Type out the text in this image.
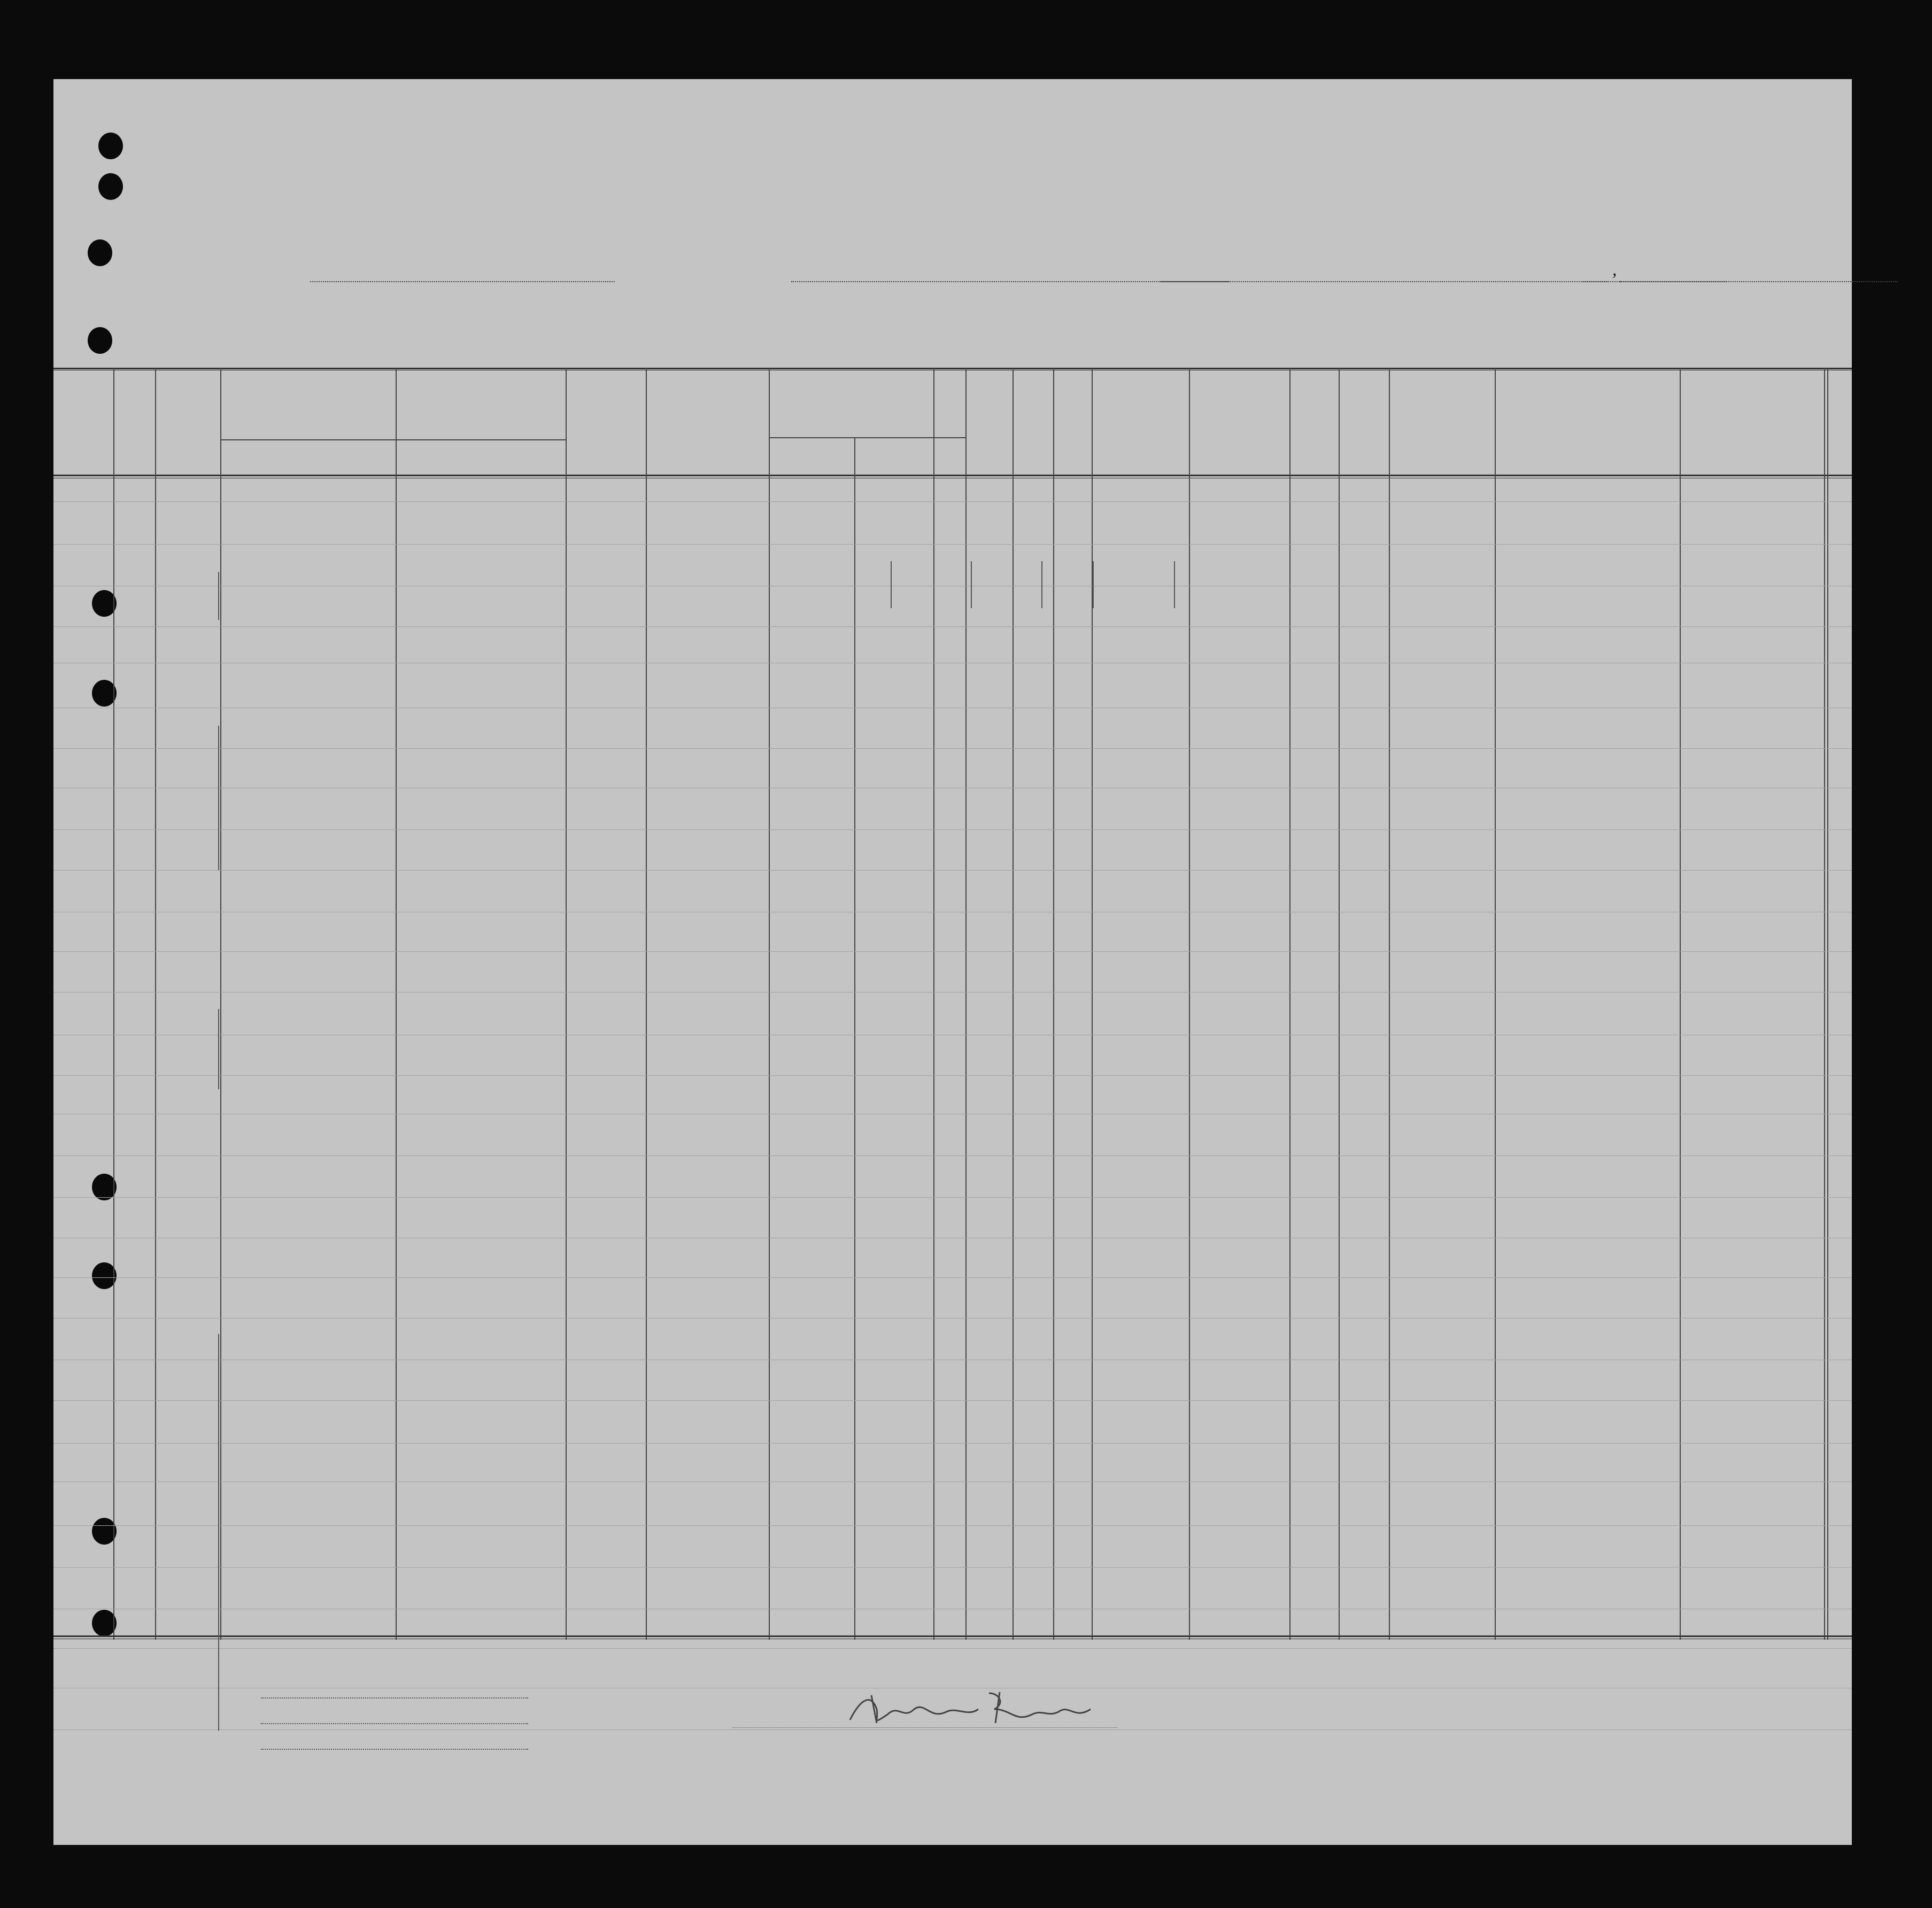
,
